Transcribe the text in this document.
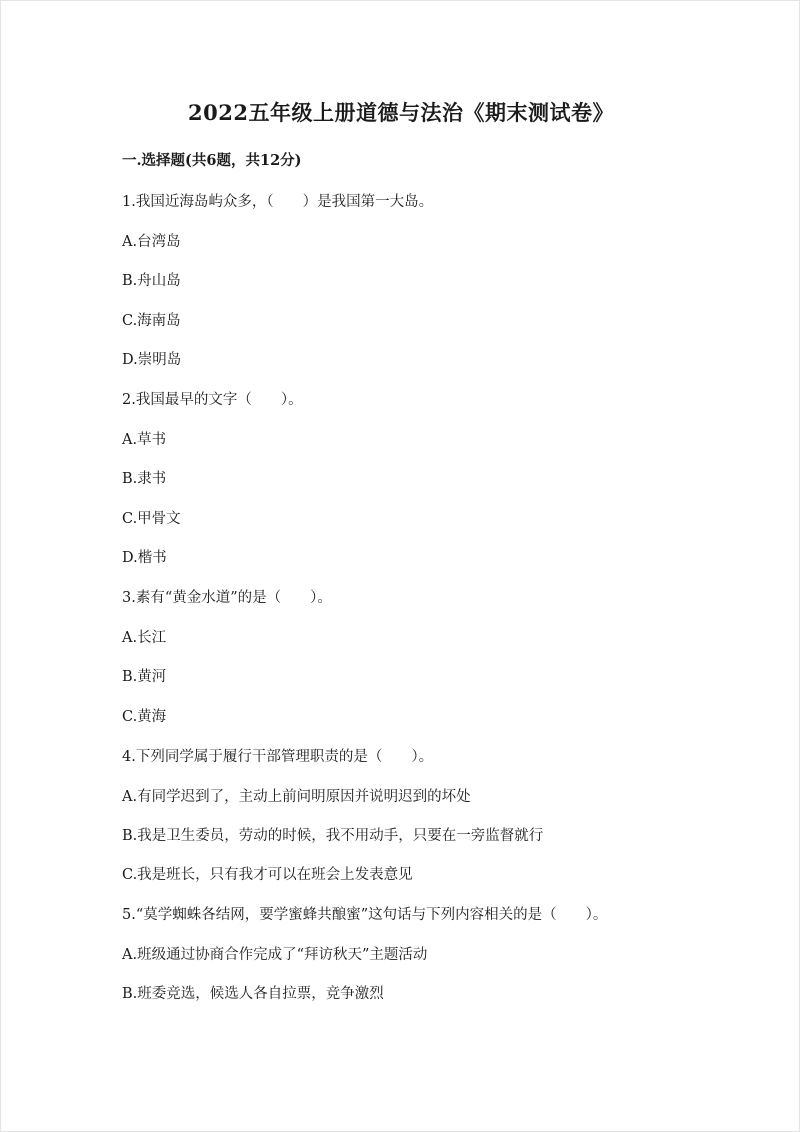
2022五年级上册道德与法治《期末测试卷》
一.选择题(共6题，共12分)
1.我国近海岛屿众多，（　　）是我国第一大岛。
A.台湾岛
B.舟山岛
C.海南岛
D.崇明岛
2.我国最早的文字（　　）。
A.草书
B.隶书
C.甲骨文
D.楷书
3.素有“黄金水道”的是（　　）。
A.长江
B.黄河
C.黄海
4.下列同学属于履行干部管理职责的是（　　）。
A.有同学迟到了，主动上前问明原因并说明迟到的坏处
B.我是卫生委员，劳动的时候，我不用动手，只要在一旁监督就行
C.我是班长，只有我才可以在班会上发表意见
5.“莫学蜘蛛各结网，要学蜜蜂共酿蜜”这句话与下列内容相关的是（　　）。
A.班级通过协商合作完成了“拜访秋天”主题活动
B.班委竞选，候选人各自拉票，竞争激烈
